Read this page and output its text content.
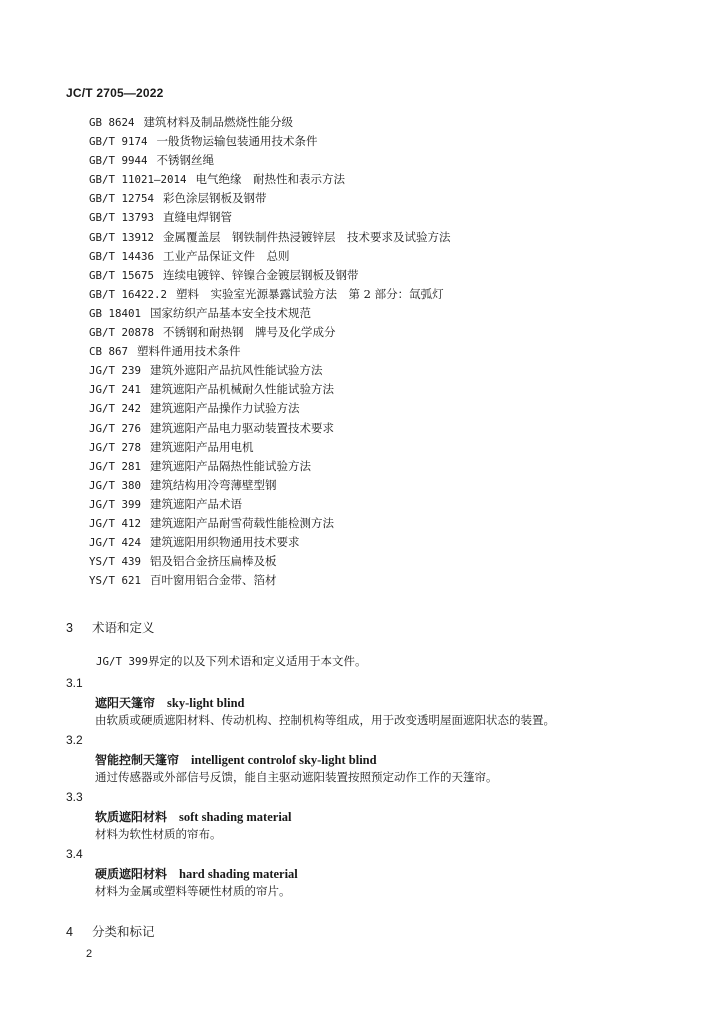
JC/T 2705—2022
GB 8624 建筑材料及制品燃烧性能分级
GB/T 9174 一般货物运输包装通用技术条件
GB/T 9944 不锈钢丝绳
GB/T 11021—2014 电气绝缘　耐热性和表示方法
GB/T 12754 彩色涂层钢板及钢带
GB/T 13793 直缝电焊钢管
GB/T 13912 金属覆盖层　钢铁制件热浸镀锌层　技术要求及试验方法
GB/T 14436 工业产品保证文件　总则
GB/T 15675 连续电镀锌、锌镍合金镀层钢板及钢带
GB/T 16422.2 塑料　实验室光源暴露试验方法　第 2 部分：氙弧灯
GB 18401 国家纺织产品基本安全技术规范
GB/T 20878 不锈钢和耐热钢　牌号及化学成分
CB 867 塑料件通用技术条件
JG/T 239 建筑外遮阳产品抗风性能试验方法
JG/T 241 建筑遮阳产品机械耐久性能试验方法
JG/T 242 建筑遮阳产品操作力试验方法
JG/T 276 建筑遮阳产品电力驱动装置技术要求
JG/T 278 建筑遮阳产品用电机
JG/T 281 建筑遮阳产品隔热性能试验方法
JG/T 380 建筑结构用冷弯薄壁型钢
JG/T 399 建筑遮阳产品术语
JG/T 412 建筑遮阳产品耐雪荷载性能检测方法
JG/T 424 建筑遮阳用织物通用技术要求
YS/T 439 铝及铝合金挤压扁棒及板
YS/T 621 百叶窗用铝合金带、箔材
3 术语和定义
JG/T 399界定的以及下列术语和定义适用于本文件。
3.1
遮阳天篷帘 sky-light blind
由软质或硬质遮阳材料、传动机构、控制机构等组成，用于改变透明屋面遮阳状态的装置。
3.2
智能控制天篷帘 intelligent controlof sky-light blind
通过传感器或外部信号反馈，能自主驱动遮阳装置按照预定动作工作的天篷帘。
3.3
软质遮阳材料 soft shading material
材料为软性材质的帘布。
3.4
硬质遮阳材料 hard shading material
材料为金属或塑料等硬性材质的帘片。
4 分类和标记
2
